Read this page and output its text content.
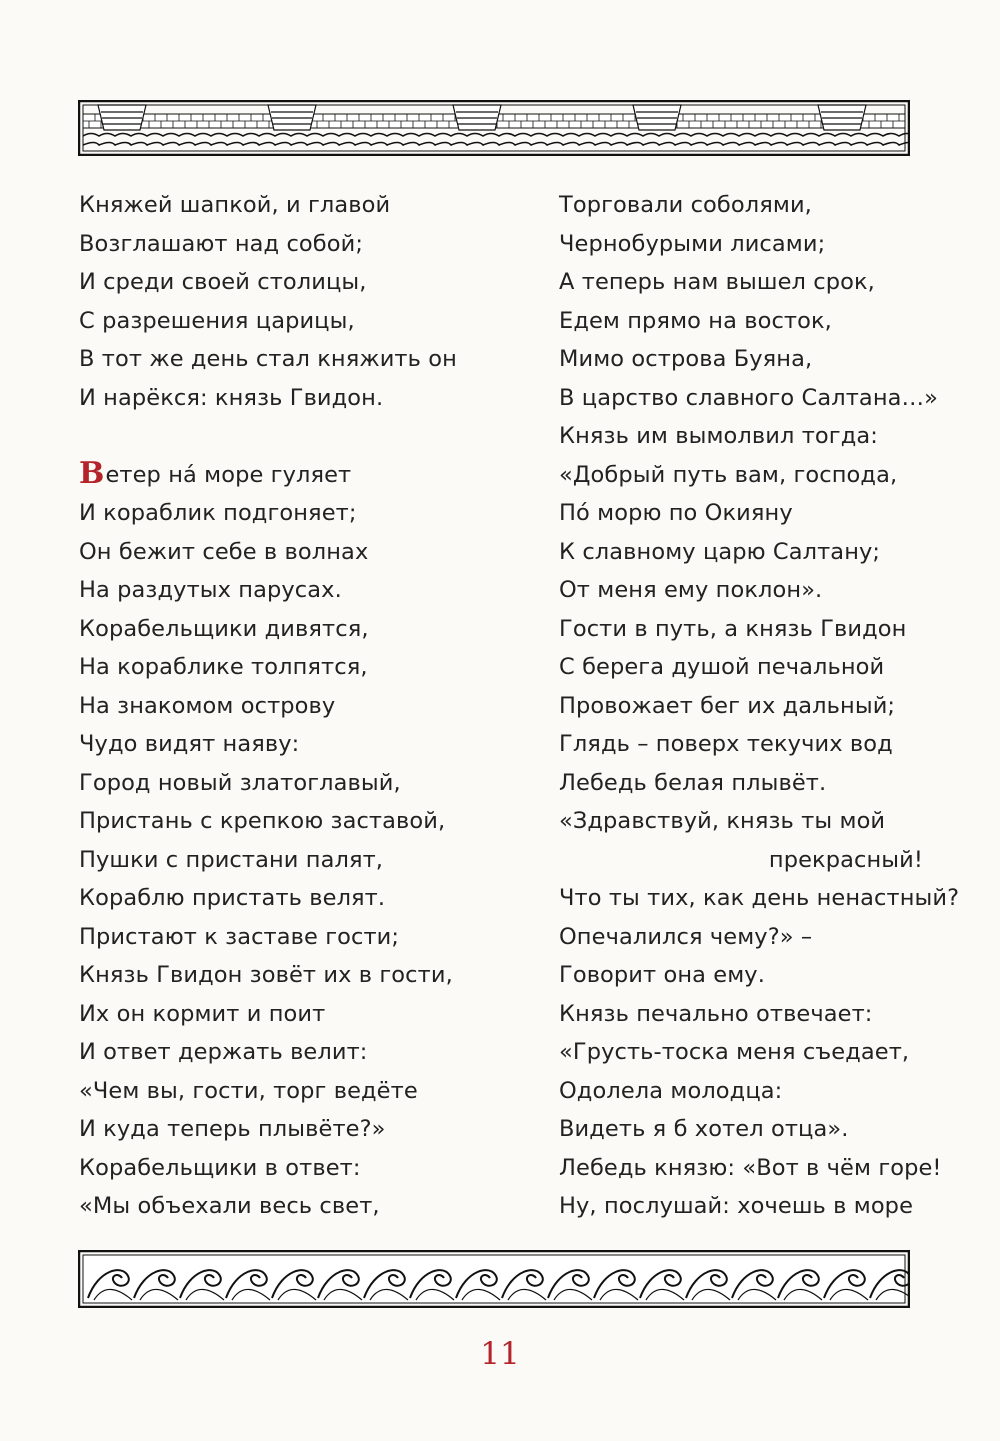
Княжей шапкой, и главой
Возглашают над собой;
И среди своей столицы,
С разрешения царицы,
В тот же день стал княжить он
И нарёкся: князь Гвидон.
Ветер на́ море гуляет
И кораблик подгоняет;
Он бежит себе в волнах
На раздутых парусах.
Корабельщики дивятся,
На кораблике толпятся,
На знакомом острову
Чудо видят наяву:
Город новый златоглавый,
Пристань с крепкою заставой,
Пушки с пристани палят,
Кораблю пристать велят.
Пристают к заставе гости;
Князь Гвидон зовёт их в гости,
Их он кормит и поит
И ответ держать велит:
«Чем вы, гости, торг ведёте
И куда теперь плывёте?»
Корабельщики в ответ:
«Мы объехали весь свет,
Торговали соболями,
Чернобурыми лисами;
А теперь нам вышел срок,
Едем прямо на восток,
Мимо острова Буяна,
В царство славного Салтана…»
Князь им вымолвил тогда:
«Добрый путь вам, господа,
По́ морю по Окияну
К славному царю Салтану;
От меня ему поклон».
Гости в путь, а князь Гвидон
С берега душой печальной
Провожает бег их дальный;
Глядь – поверх текучих вод
Лебедь белая плывёт.
«Здравствуй, князь ты мой
прекрасный!
Что ты тих, как день ненастный?
Опечалился чему?» –
Говорит она ему.
Князь печально отвечает:
«Грусть-тоска меня съедает,
Одолела молодца:
Видеть я б хотел отца».
Лебедь князю: «Вот в чём горе!
Ну, послушай: хочешь в море
11
